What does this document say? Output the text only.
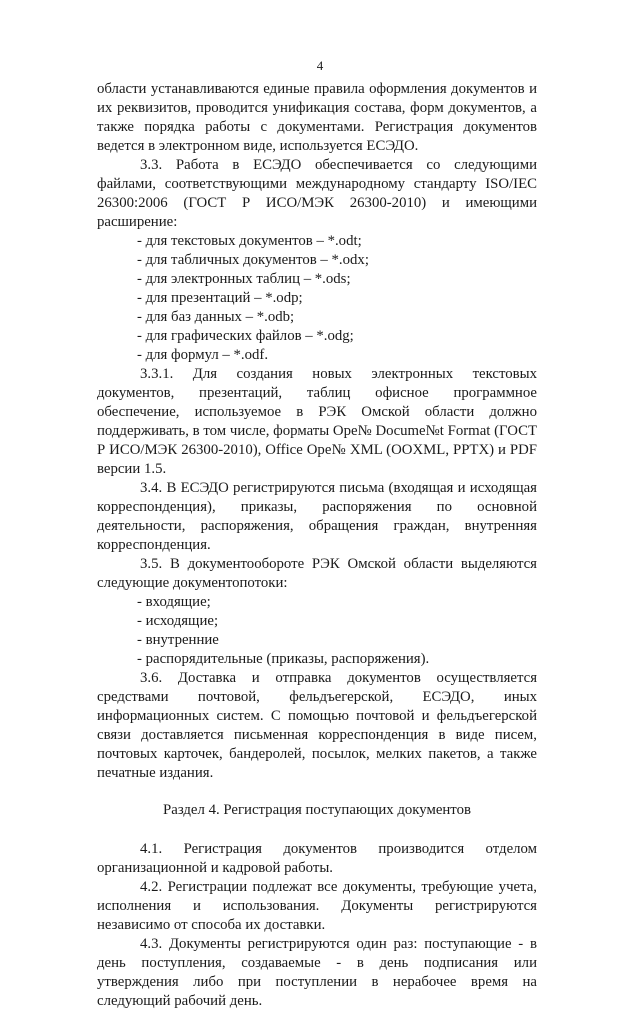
4

области устанавливаются единые правила оформления документов и их реквизитов, проводится унификация состава, форм документов, а также порядка работы с документами. Регистрация документов ведется в электронном виде, используется ЕСЭДО.

3.3. Работа в ЕСЭДО обеспечивается со следующими файлами, соответствующими международному стандарту ISO/IEC 26300:2006 (ГОСТ Р ИСО/МЭК 26300-2010) и имеющими расширение:

- для текстовых документов – *.odt;

- для табличных документов – *.odx;

- для электронных таблиц – *.ods;

- для презентаций – *.odp;

- для баз данных – *.odb;

- для графических файлов – *.odg;

- для формул – *.odf.

3.3.1. Для создания новых электронных текстовых документов, презентаций, таблиц офисное программное обеспечение, используемое в РЭК Омской области должно поддерживать, в том числе, форматы Ope№ Docume№t Format (ГОСТ Р ИСО/МЭК 26300-2010), Office Ope№ XML (OOXML, PPTX) и PDF версии 1.5.

3.4. В ЕСЭДО регистрируются письма (входящая и исходящая корреспонденция), приказы, распоряжения по основной деятельности, распоряжения, обращения граждан, внутренняя корреспонденция.

3.5. В документообороте РЭК Омской области выделяются следующие документопотоки:

- входящие;

- исходящие;

- внутренние

- распорядительные (приказы, распоряжения).

3.6. Доставка и отправка документов осуществляется средствами почтовой, фельдъегерской, ЕСЭДО, иных информационных систем. С помощью почтовой и фельдъегерской связи доставляется письменная корреспонденция в виде писем, почтовых карточек, бандеролей, посылок, мелких пакетов, а также печатные издания.

Раздел 4. Регистрация поступающих документов

4.1. Регистрация документов производится отделом организационной и кадровой работы.

4.2. Регистрации подлежат все документы, требующие учета, исполнения и использования. Документы регистрируются независимо от способа их доставки.

4.3. Документы регистрируются один раз: поступающие - в день поступления, создаваемые - в день подписания или утверждения либо при поступлении в нерабочее время на следующий рабочий день.
